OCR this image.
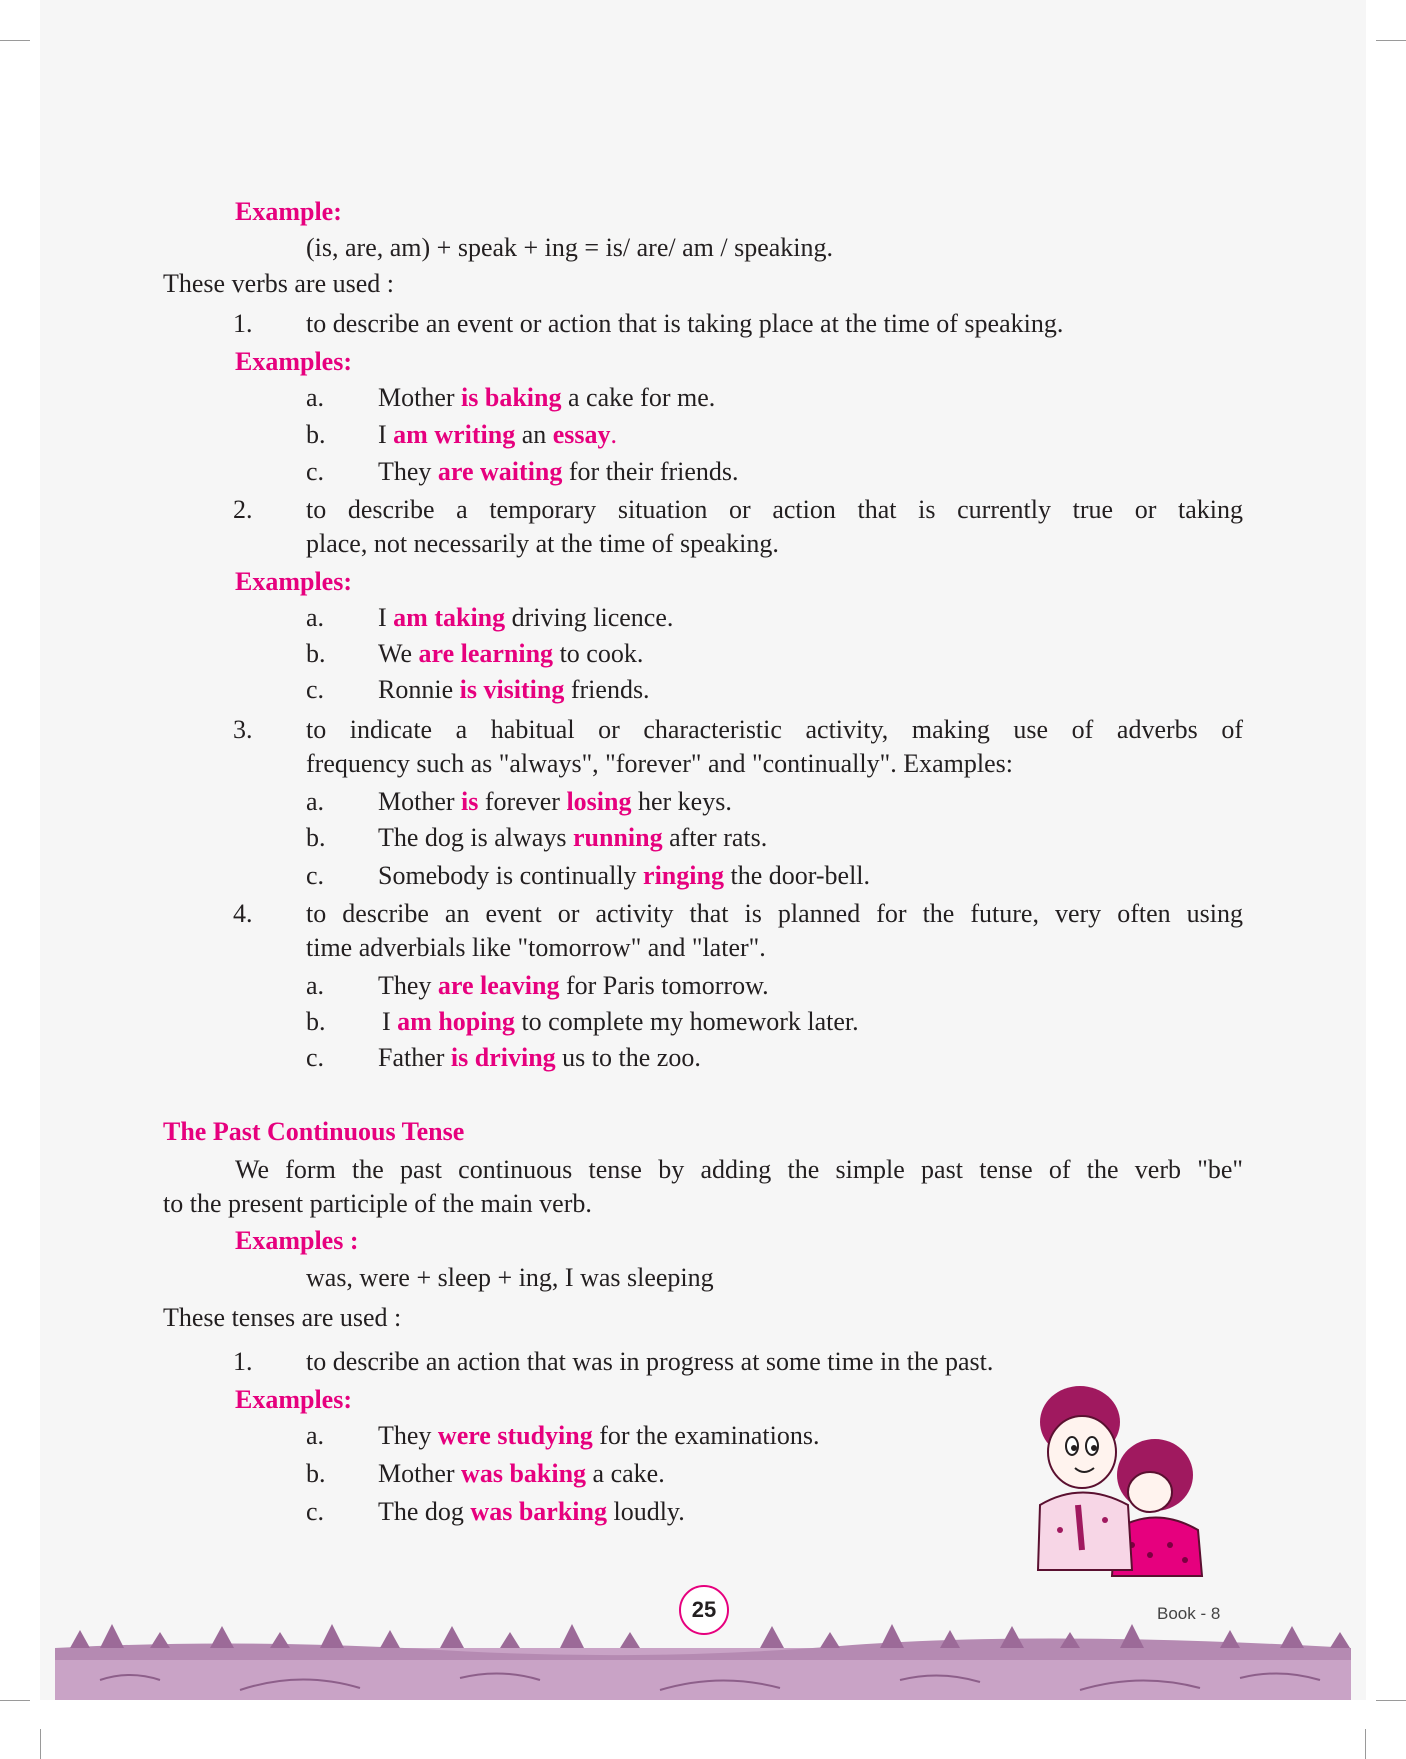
Example:
(is, are, am) + speak + ing = is/ are/ am / speaking.
These verbs are used :
1. to describe an event or action that is taking place at the time of speaking.
Examples:
a. Mother is baking a cake for me.
b. I am writing an essay.
c. They are waiting for their friends.
2. to describe a temporary situation or action that is currently true or taking
place, not necessarily at the time of speaking.
Examples:
a. I am taking driving licence.
b. We are learning to cook.
c. Ronnie is visiting friends.
3. to indicate a habitual or characteristic activity, making use of adverbs of
frequency such as "always", "forever" and "continually". Examples:
a. Mother is forever losing her keys.
b. The dog is always running after rats.
c. Somebody is continually ringing the door-bell.
4. to describe an event or activity that is planned for the future, very often using
time adverbials like "tomorrow" and "later".
a. They are leaving for Paris tomorrow.
b. I am hoping to complete my homework later.
c. Father is driving us to the zoo.
The Past Continuous Tense
We form the past continuous tense by adding the simple past tense of the verb "be"
to the present participle of the main verb.
Examples :
was, were + sleep + ing, I was sleeping
These tenses are used :
1. to describe an action that was in progress at some time in the past.
Examples:
a. They were studying for the examinations.
b. Mother was baking a cake.
c. The dog was barking loudly.
25	Book - 8
